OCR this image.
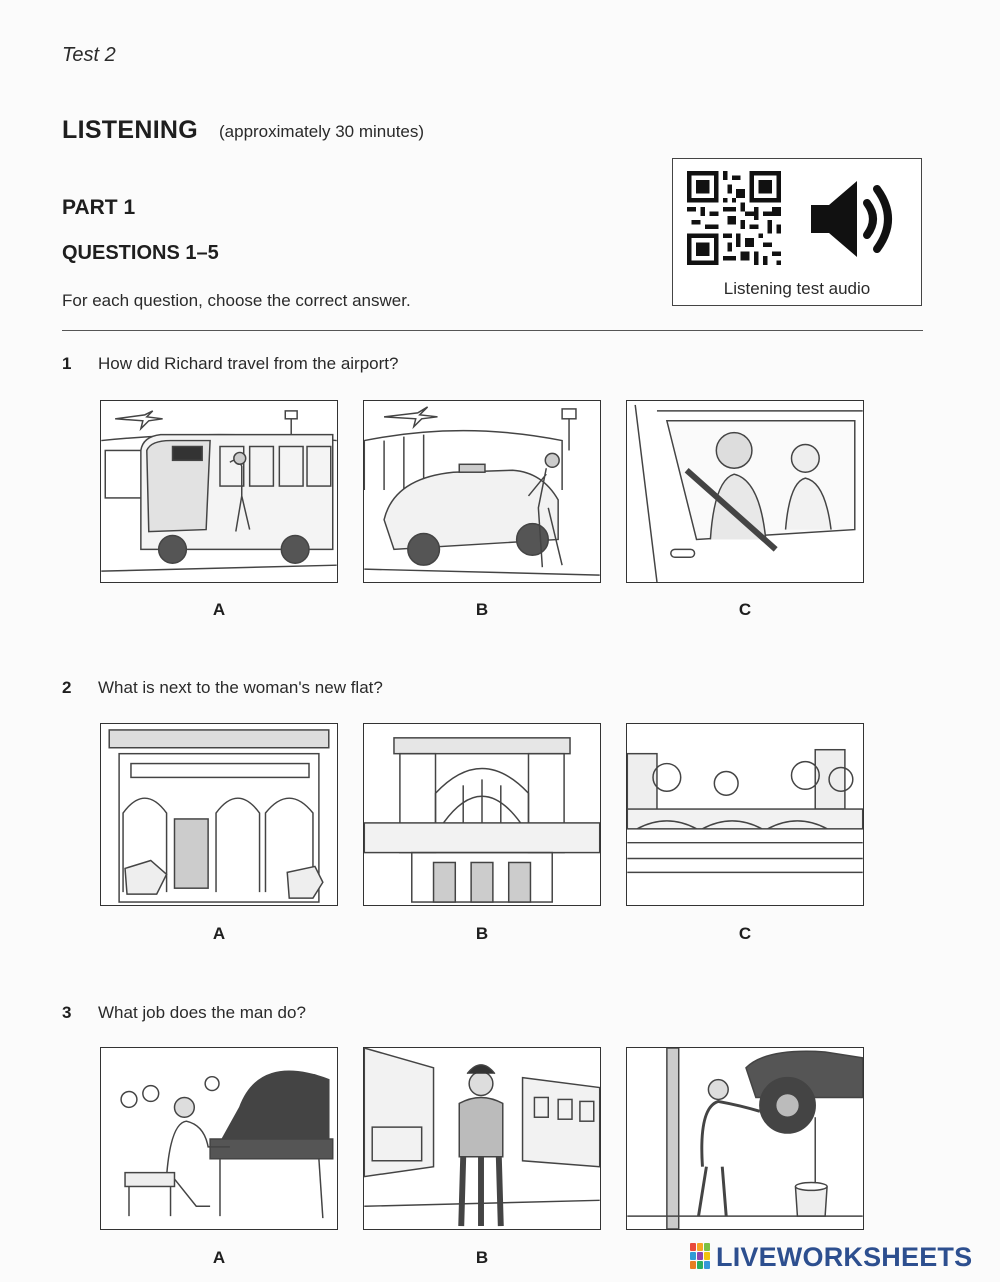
Test 2
LISTENING (approximately 30 minutes)
PART 1
QUESTIONS 1–5
For each question, choose the correct answer.
Listening test audio
1 How did Richard travel from the airport?
A	B	C
2 What is next to the woman's new flat?
A	B	C
3 What job does the man do?
A	B	LIVEWORKSHEETS
